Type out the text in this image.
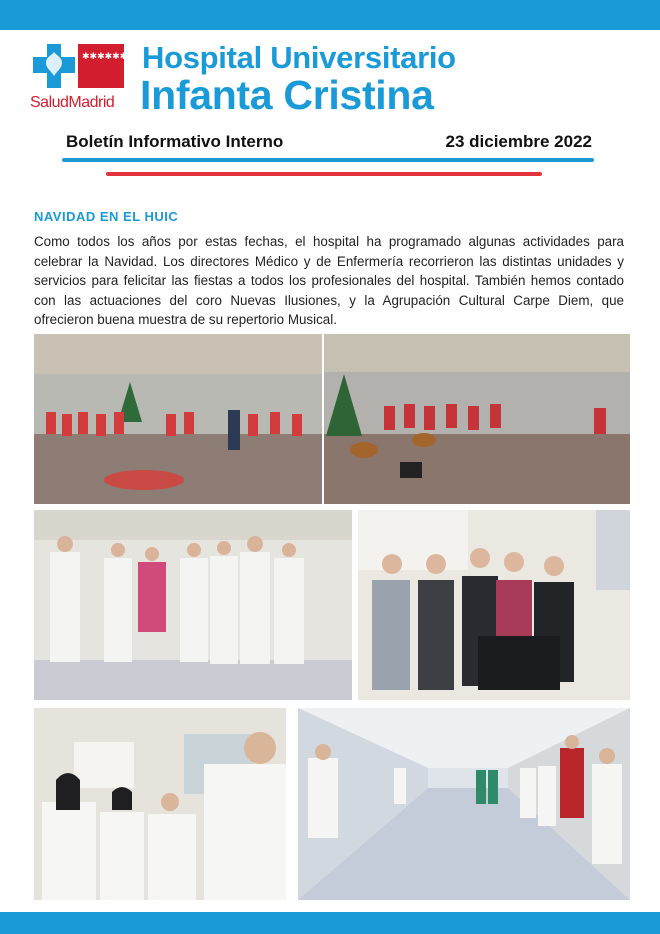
✱✱✱✱✱✱✱
SaludMadrid
Hospital Universitario
Infanta Cristina
Boletín Informativo Interno	23 diciembre 2022
NAVIDAD EN EL HUIC
Como todos los años por estas fechas, el hospital ha programado algunas actividades para celebrar la Navidad. Los directores Médico y de Enfermería recorrieron las distintas unidades y servicios para felicitar las fiestas a todos los profesionales del hospital. También hemos contado con las actuaciones del coro Nuevas Ilusiones, y la Agrupación Cultural Carpe Diem, que ofrecieron buena muestra de su repertorio Musical.
